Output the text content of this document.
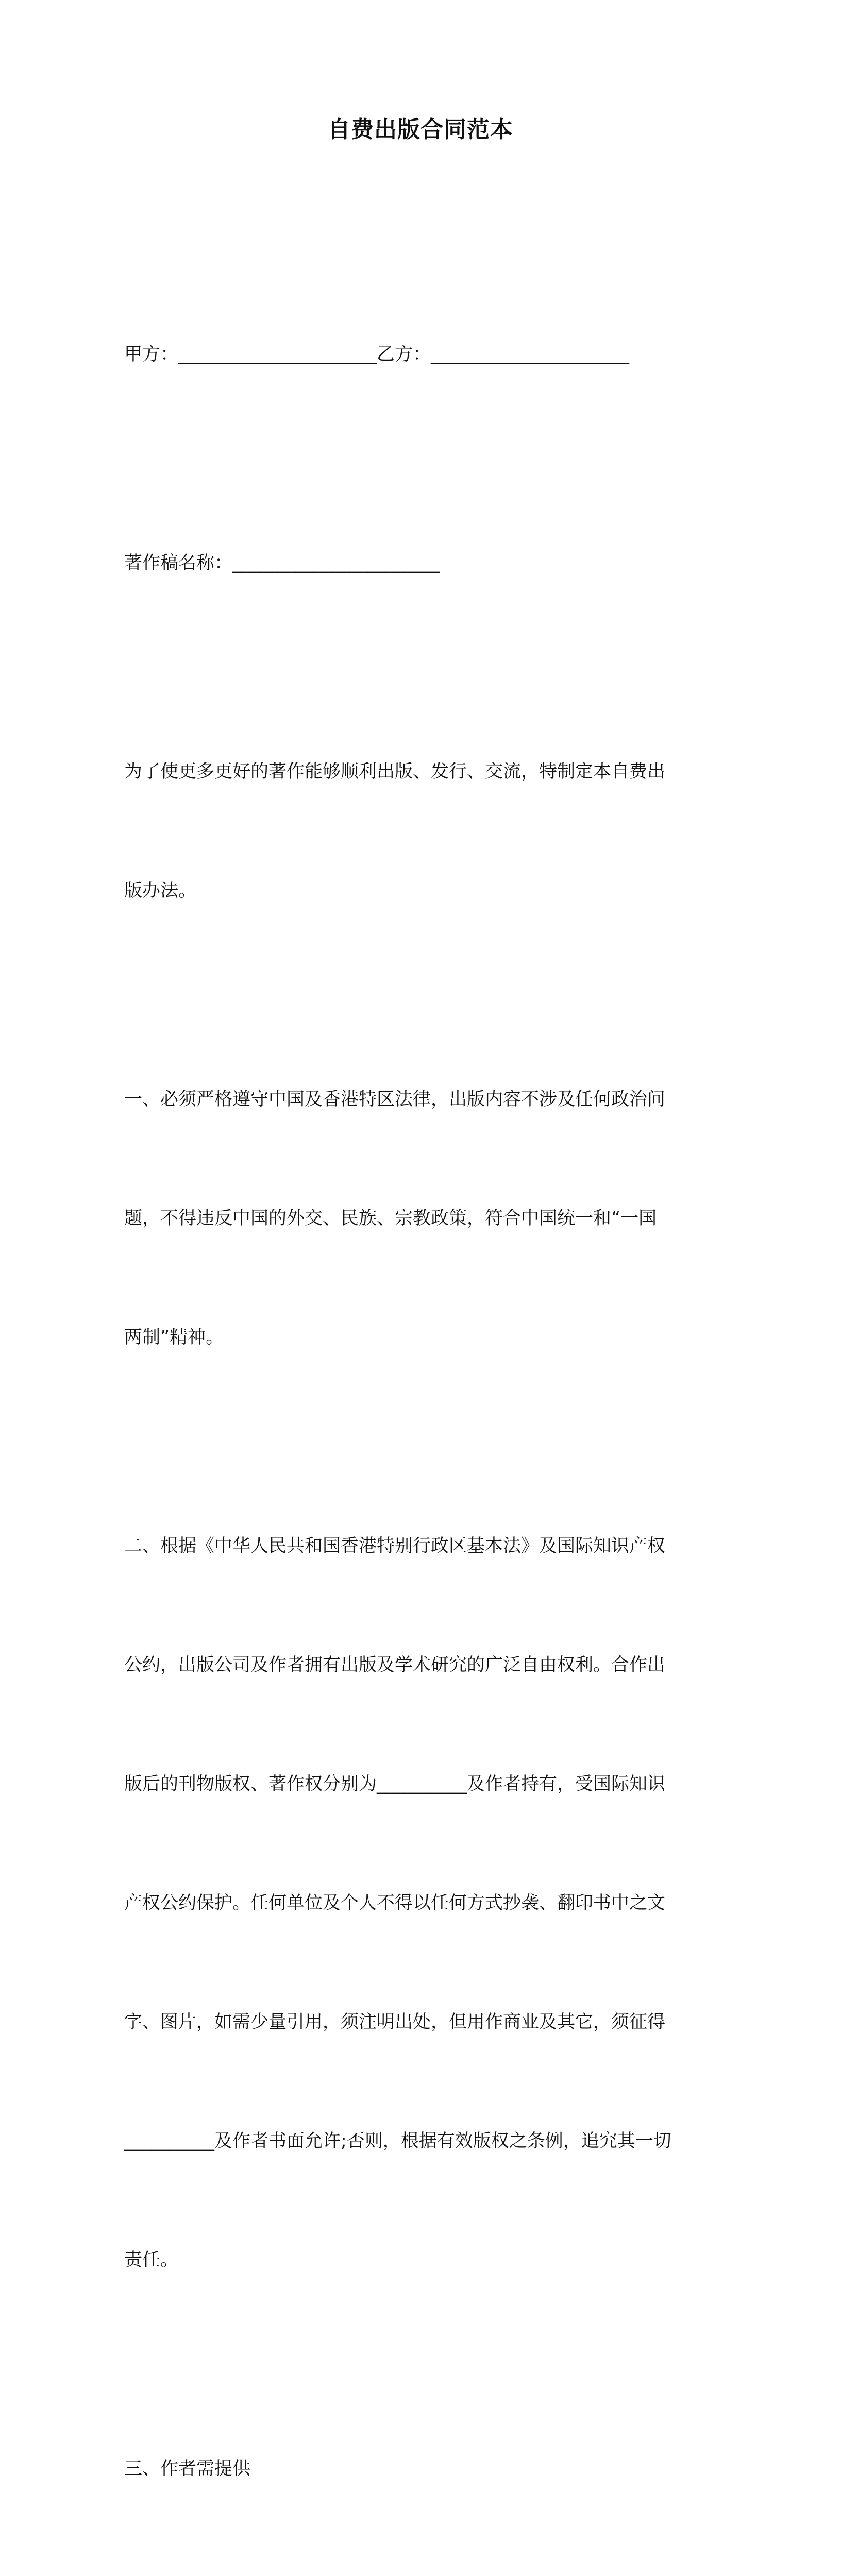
自费出版合同范本

甲方：______________________乙方：______________________

著作稿名称：_______________________

为了使更多更好的著作能够顺利出版、发行、交流，特制定本自费出

版办法。

一、必须严格遵守中国及香港特区法律，出版内容不涉及任何政治问

题，不得违反中国的外交、民族、宗教政策，符合中国统一和“一国

两制”精神。

二、根据《中华人民共和国香港特别行政区基本法》及国际知识产权

公约，出版公司及作者拥有出版及学术研究的广泛自由权利。合作出

版后的刊物版权、著作权分别为__________及作者持有，受国际知识

产权公约保护。任何单位及个人不得以任何方式抄袭、翻印书中之文

字、图片，如需少量引用，须注明出处，但用作商业及其它，须征得

__________及作者书面允许;否则，根据有效版权之条例，追究其一切

责任。

三、作者需提供
